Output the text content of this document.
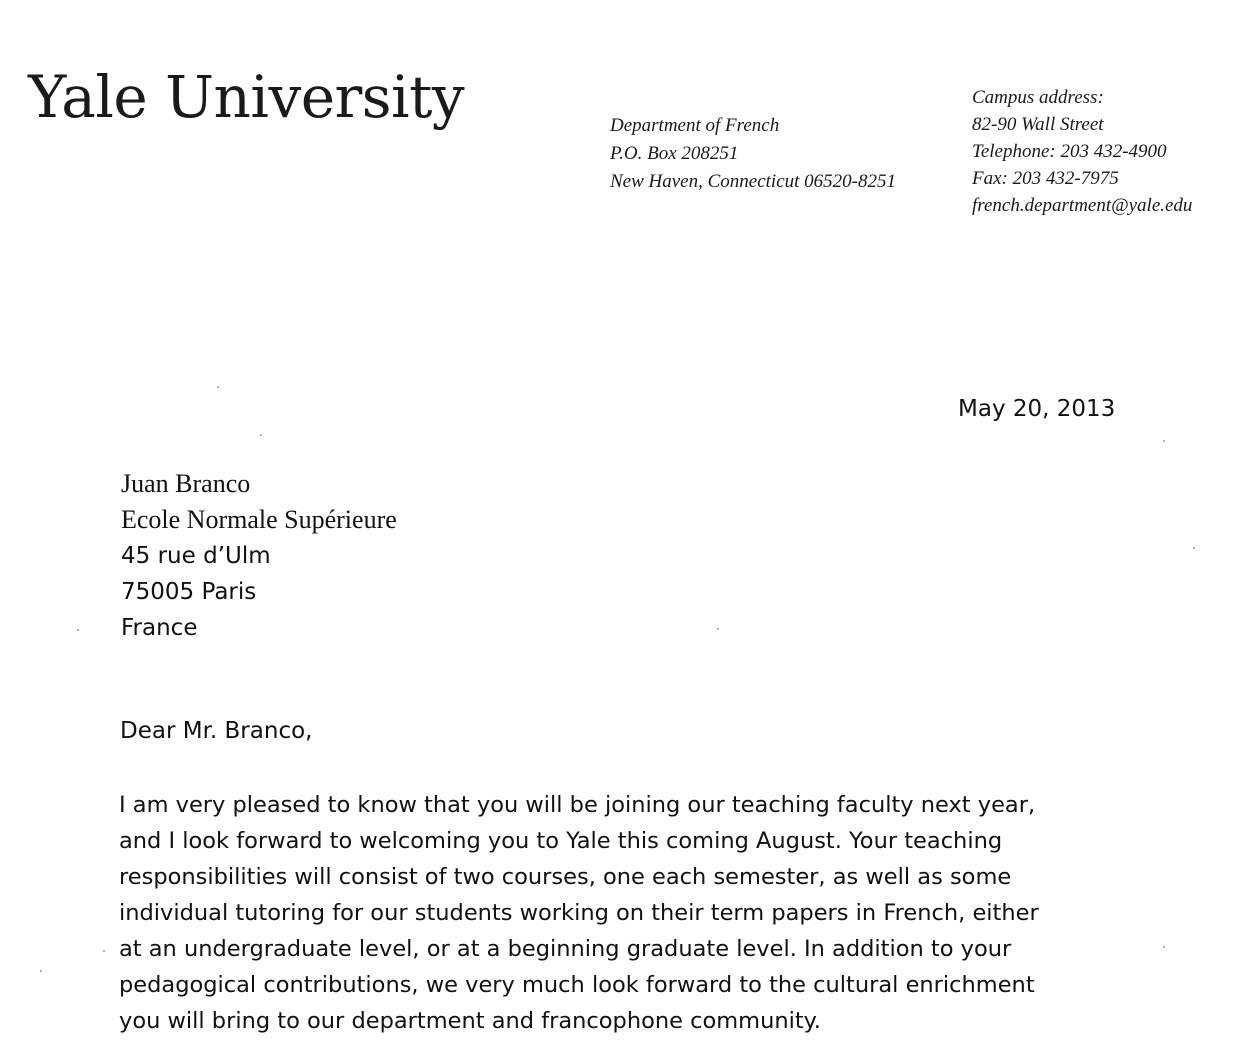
Yale University	Department of French
P.O. Box 208251
New Haven, Connecticut 06520-8251
Campus address:
82-90 Wall Street
Telephone: 203 432-4900
Fax: 203 432-7975
french.department@yale.edu
May 20, 2013
Juan Branco
Ecole Normale Supérieure
45 rue d’Ulm
75005 Paris
France
Dear Mr. Branco,
I am very pleased to know that you will be joining our teaching faculty next year,
and I look forward to welcoming you to Yale this coming August. Your teaching
responsibilities will consist of two courses, one each semester, as well as some
individual tutoring for our students working on their term papers in French, either
at an undergraduate level, or at a beginning graduate level. In addition to your
pedagogical contributions, we very much look forward to the cultural enrichment
you will bring to our department and francophone community.
